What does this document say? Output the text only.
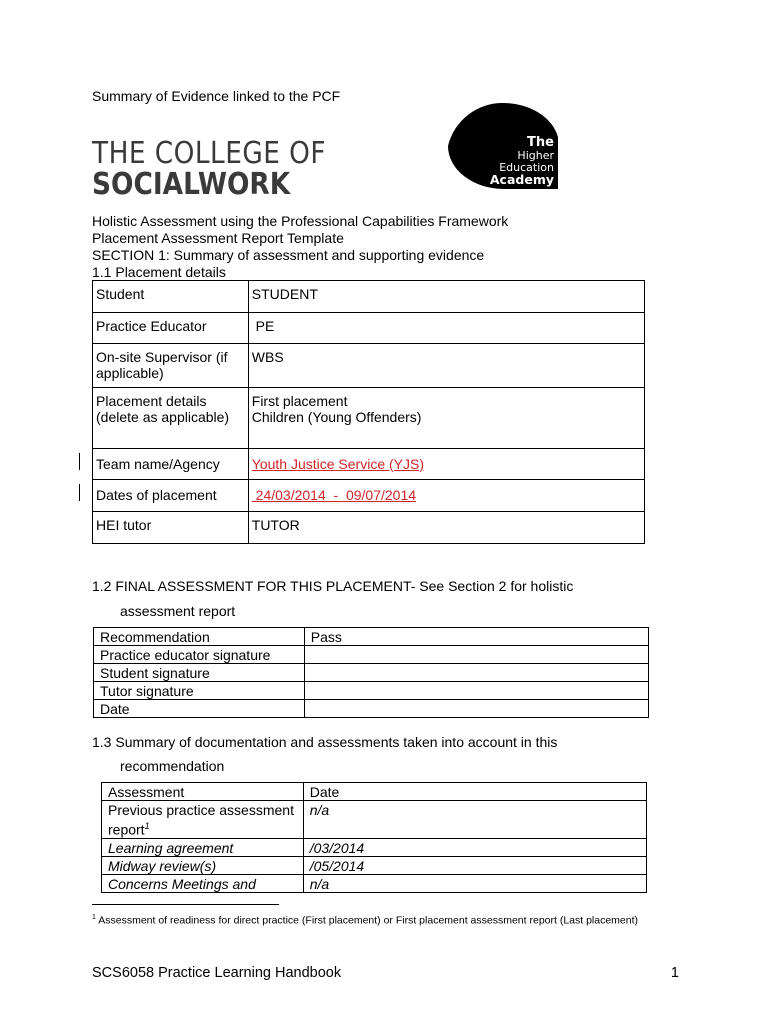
Summary of Evidence linked to the PCF
THE COLLEGE OF
SOCIALWORK
The
Higher
Education
Academy
Holistic Assessment using the Professional Capabilities Framework
Placement Assessment Report Template
SECTION 1: Summary of assessment and supporting evidence
1.1 Placement details
Student	STUDENT
Practice Educator	PE
On-site Supervisor (if applicable)	WBS
Placement details (delete as applicable)	First placement
Children (Young Offenders)
Team name/Agency	Youth Justice Service (YJS)
Dates of placement	24/03/2014  -  09/07/2014
HEI tutor	TUTOR
1.2 FINAL ASSESSMENT FOR THIS PLACEMENT- See Section 2 for holistic
assessment report
Recommendation	Pass
Practice educator signature	
Student signature	
Tutor signature	
Date	
1.3 Summary of documentation and assessments taken into account in this
recommendation
Assessment	Date
Previous practice assessment report$^1$	n/a
Learning agreement	/03/2014
Midway review(s)	/05/2014
Concerns Meetings and	n/a
$^1$ Assessment of readiness for direct practice (First placement) or First placement assessment report (Last placement)
SCS6058 Practice Learning Handbook	1
